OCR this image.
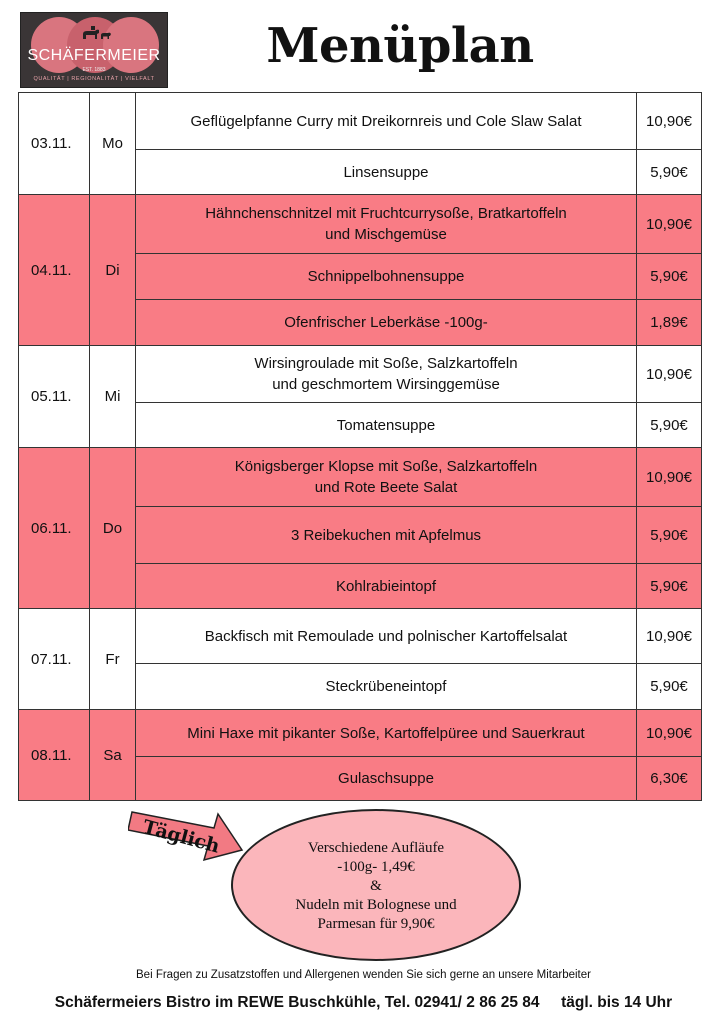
SCHÄFERMEIER
EST. 1883
QUALITÄT | REGIONALITÄT | VIELFALT
Menüplan
03.11.	Mo
Geflügelpfanne Curry mit Dreikornreis und Cole Slaw Salat	10,90€
Linsensuppe	5,90€
04.11.	Di
Hähnchenschnitzel mit Fruchtcurrysoße, Bratkartoffeln
und Mischgemüse
10,90€
Schnippelbohnensuppe	5,90€
Ofenfrischer Leberkäse -100g-	1,89€
05.11.	Mi
Wirsingroulade mit Soße, Salzkartoffeln
und geschmortem Wirsinggemüse
10,90€
Tomatensuppe	5,90€
06.11.	Do
Königsberger Klopse mit Soße, Salzkartoffeln
und Rote Beete Salat
10,90€
3 Reibekuchen mit Apfelmus	5,90€
Kohlrabieintopf	5,90€
07.11.	Fr
Backfisch mit Remoulade und polnischer Kartoffelsalat	10,90€
Steckrübeneintopf	5,90€
08.11.	Sa
Mini Haxe mit pikanter Soße, Kartoffelpüree und Sauerkraut	10,90€
Gulaschsuppe	6,30€
Täglich	Verschiedene Aufläufe
-100g- 1,49€
&
Nudeln mit Bolognese und
Parmesan für 9,90€
Bei Fragen zu Zusatzstoffen und Allergenen wenden Sie sich gerne an unsere Mitarbeiter
Schäfermeiers Bistro im REWE Buschkühle, Tel. 02941/ 2 86 25 84     tägl. bis 14 Uhr
